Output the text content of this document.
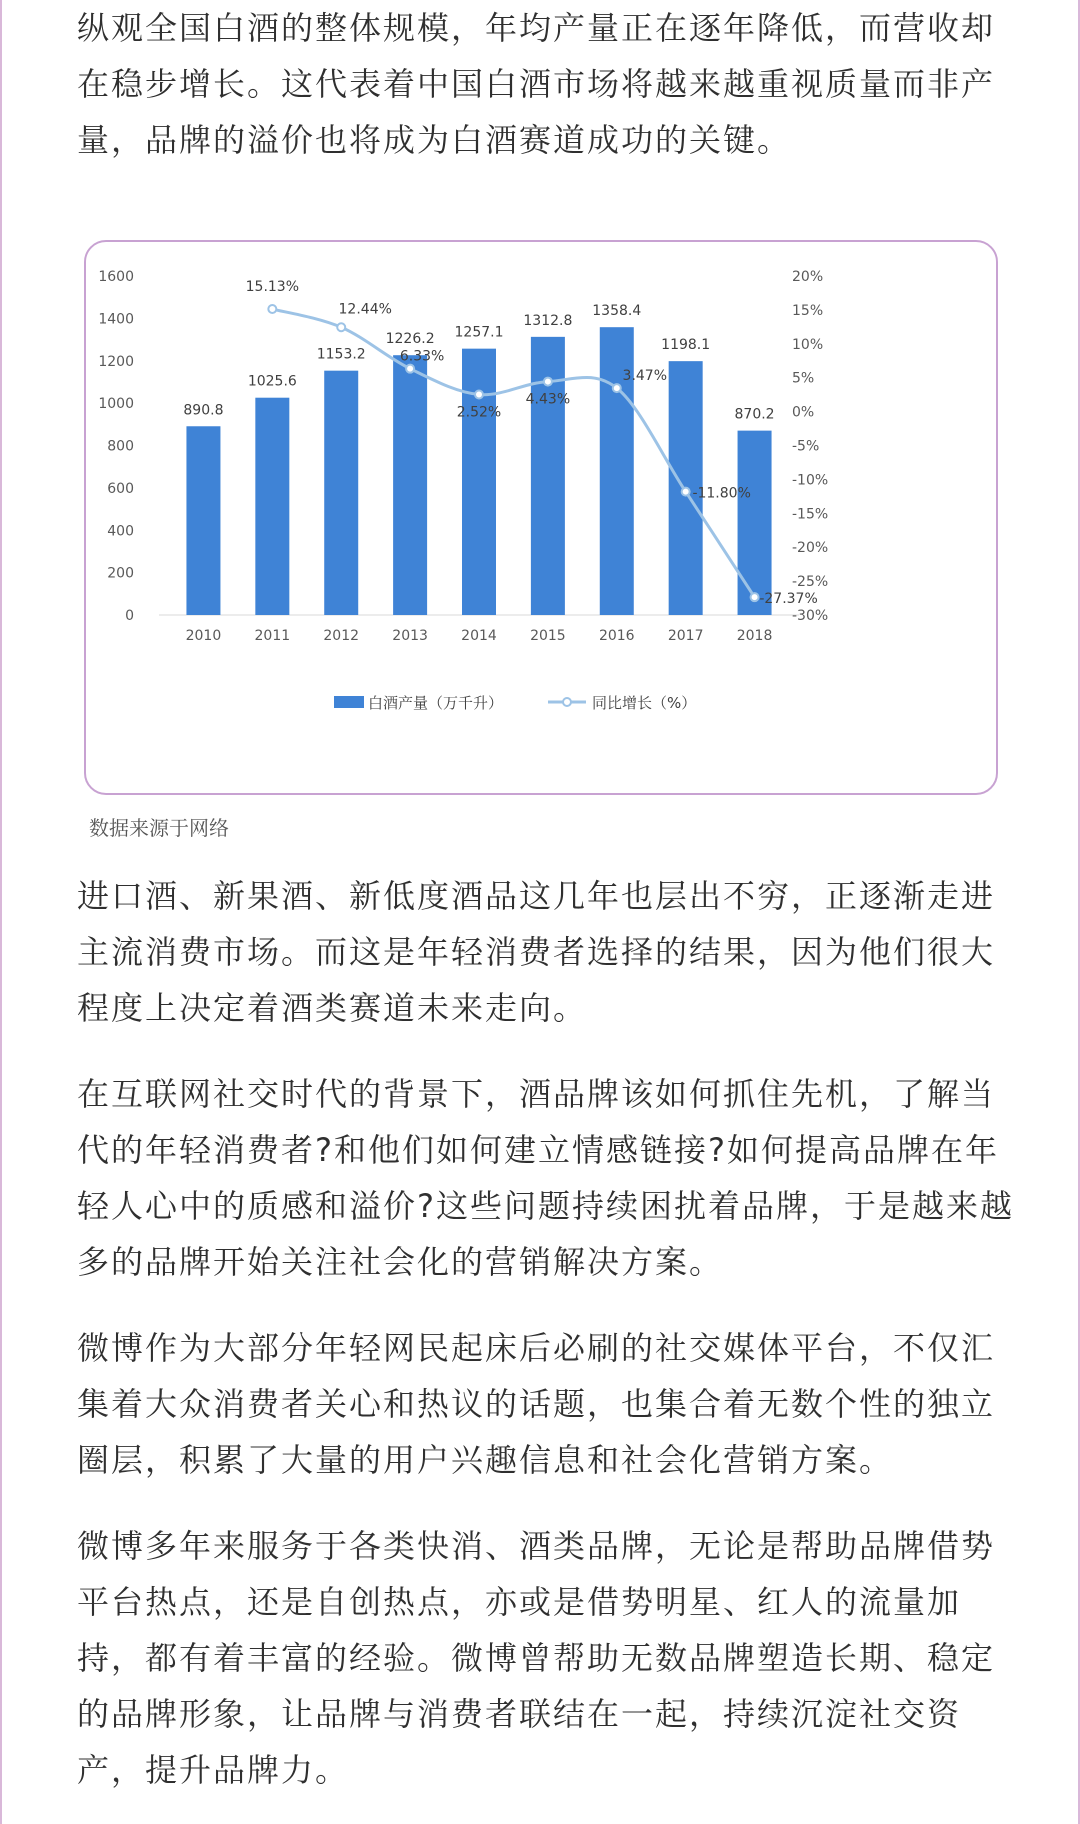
纵观全国白酒的整体规模，年均产量正在逐年降低，而营收却在稳步增长。这代表着中国白酒市场将越来越重视质量而非产量，品牌的溢价也将成为白酒赛道成功的关键。

0
200
400
600
800
1000
1200
1400
1600
-30%
-25%
-20%
-15%
-10%
-5%
0%
5%
10%
15%
20%
2010 2011 2012 2013 2014 2015 2016 2017 2018
890.8
1025.6
1153.2
1226.2 1257.1
1312.8
1358.4
1198.1
870.2
15.13%
12.44%
6.33%
2.52%
4.43%
3.47%
-11.80%
-27.37%
白酒产量（万千升）	同比增长（%）
数据来源于网络

进口酒、新果酒、新低度酒品这几年也层出不穷，正逐渐走进主流消费市场。而这是年轻消费者选择的结果，因为他们很大程度上决定着酒类赛道未来走向。

在互联网社交时代的背景下，酒品牌该如何抓住先机，了解当代的年轻消费者?和他们如何建立情感链接?如何提高品牌在年轻人心中的质感和溢价?这些问题持续困扰着品牌，于是越来越多的品牌开始关注社会化的营销解决方案。

微博作为大部分年轻网民起床后必刷的社交媒体平台，不仅汇集着大众消费者关心和热议的话题，也集合着无数个性的独立圈层，积累了大量的用户兴趣信息和社会化营销方案。

微博多年来服务于各类快消、酒类品牌，无论是帮助品牌借势平台热点，还是自创热点，亦或是借势明星、红人的流量加持，都有着丰富的经验。微博曾帮助无数品牌塑造长期、稳定的品牌形象，让品牌与消费者联结在一起，持续沉淀社交资产，提升品牌力。
